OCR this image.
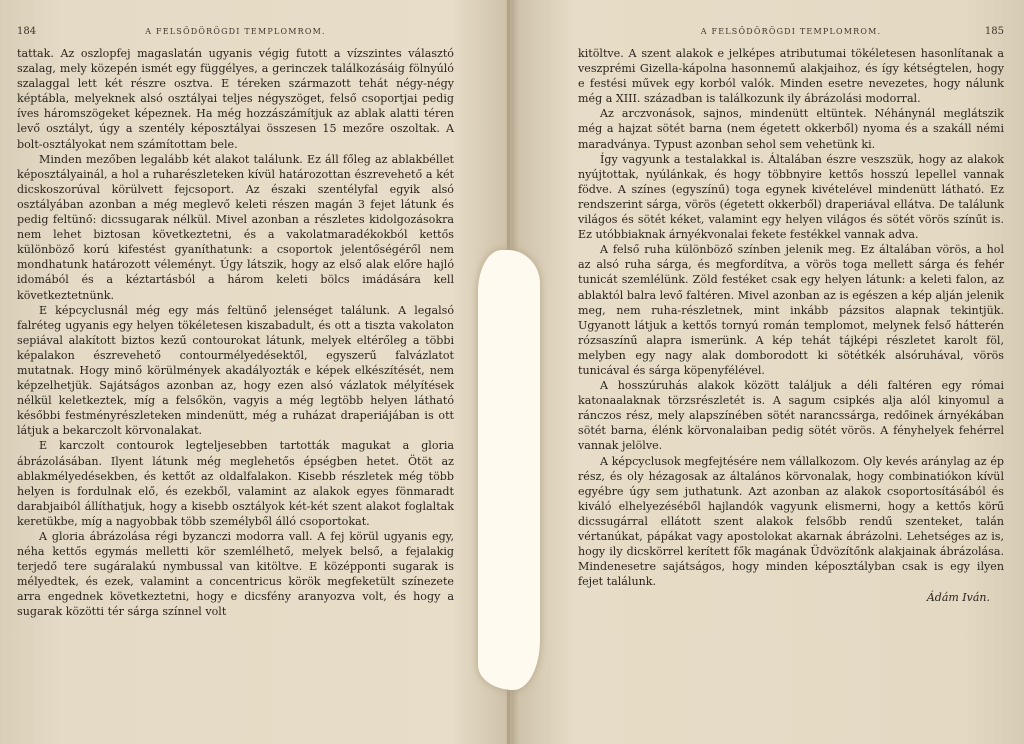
184	A FELSŐDÖRÖGDI TEMPLOMROM.

tattak. Az oszlopfej magaslatán ugyanis végig futott a vízszintes választó szalag, mely közepén ismét egy függélyes, a gerinczek találkozásáig fölnyúló szalaggal lett két részre osztva. E téreken származott tehát négy-négy képtábla, melyeknek alsó osztályai teljes négyszöget, felső csoportjai pedig íves háromszögeket képeznek. Ha még hozzászámítjuk az ablak alatti téren levő osztályt, úgy a szentély képosztályai összesen 15 mezőre oszoltak. A bolt-osztályokat nem számítottam bele.

Minden mezőben legalább két alakot találunk. Ez áll főleg az ablakbéllet képosztályainál, a hol a ruharészleteken kívül határozottan észrevehető a két dicskoszorúval körülvett fejcsoport. Az északi szentélyfal egyik alsó osztályában azonban a még meglevő keleti részen magán 3 fejet látunk és pedig feltünő: dicssugarak nélkül. Mivel azonban a részletes kidolgozásokra nem lehet biztosan következtetni, és a vakolatmaradékokból kettős különböző korú kifestést gyaníthatunk: a csoportok jelentőségéről nem mondhatunk határozott véleményt. Úgy látszik, hogy az első alak előre hajló idomából és a kéztartásból a három keleti bölcs imádására kell következtetnünk.

E képcyclusnál még egy más feltünő jelenséget találunk. A legalsó falréteg ugyanis egy helyen tökéletesen kiszabadult, és ott a tiszta vakolaton sepiával alakított biztos kezű contourokat látunk, melyek eltérőleg a többi képalakon észrevehető contourmélyedésektől, egyszerű falvázlatot mutatnak. Hogy minő körülmények akadályozták e képek elkészítését, nem képzelhetjük. Sajátságos azonban az, hogy ezen alsó vázlatok mélyítések nélkül keletkeztek, míg a felsőkön, vagyis a még legtöbb helyen látható későbbi festményrészleteken mindenütt, még a ruházat draperiájában is ott látjuk a bekarczolt körvonalakat.

E karczolt contourok legteljesebben tartották magukat a gloria ábrázolásában. Ilyent látunk még meglehetős épségben hetet. Ötöt az ablakmélyedésekben, és kettőt az oldalfalakon. Kisebb részletek még több helyen is fordulnak elő, és ezekből, valamint az alakok egyes fönmaradt darabjaiból állíthatjuk, hogy a kisebb osztályok két-két szent alakot foglaltak keretükbe, míg a nagyobbak több személyből álló csoportokat.

A gloria ábrázolása régi byzanczi modorra vall. A fej körül ugyanis egy, néha kettős egymás melletti kör szemlélhető, melyek belső, a fejalakig terjedő tere sugáralakú nymbussal van kitöltve. E középponti sugarak is mélyedtek, és ezek, valamint a concentricus körök megfeketült színezete arra engednek következtetni, hogy e dicsfény aranyozva volt, és hogy a sugarak közötti tér sárga színnel volt

185
A FELSŐDÖRÖGDI TEMPLOMROM.

kitöltve. A szent alakok e jelképes atributumai tökéletesen hasonlítanak a veszprémi Gizella-kápolna hasonnemű alakjaihoz, és így kétségtelen, hogy e festési művek egy korból valók. Minden esetre nevezetes, hogy nálunk még a XIII. században is találkozunk ily ábrázolási modorral.

Az arczvonások, sajnos, mindenütt eltüntek. Néhánynál meglátszik még a hajzat sötét barna (nem égetett okkerből) nyoma és a szakáll némi maradványa. Typust azonban sehol sem vehetünk ki.

Így vagyunk a testalakkal is. Általában észre veszszük, hogy az alakok nyújtottak, nyúlánkak, és hogy többnyire kettős hosszú lepellel vannak födve. A színes (egyszínű) toga egynek kivételével mindenütt látható. Ez rendszerint sárga, vörös (égetett okkerből) draperiával ellátva. De találunk világos és sötét kéket, valamint egy helyen világos és sötét vörös színűt is. Ez utóbbiaknak árnyékvonalai fekete festékkel vannak adva.

A felső ruha különböző színben jelenik meg. Ez általában vörös, a hol az alsó ruha sárga, és megfordítva, a vörös toga mellett sárga és fehér tunicát szemlélünk. Zöld festéket csak egy helyen látunk: a keleti falon, az ablaktól balra levő faltéren. Mivel azonban az is egészen a kép alján jelenik meg, nem ruha-részletnek, mint inkább pázsitos alapnak tekintjük. Ugyanott látjuk a kettős tornyú román templomot, melynek felső hátterén rózsaszínű alapra ismerünk. A kép tehát tájképi részletet karolt föl, melyben egy nagy alak domborodott ki sötétkék alsóruhával, vörös tunicával és sárga köpenyfélével.

A hosszúruhás alakok között találjuk a déli faltéren egy római katonaalaknak törzsrészletét is. A sagum csipkés alja alól kinyomul a ránczos rész, mely alapszínében sötét narancssárga, redőinek árnyékában sötét barna, élénk körvonalaiban pedig sötét vörös. A fényhelyek fehérrel vannak jelölve.

A képcyclusok megfejtésére nem vállalkozom. Oly kevés aránylag az ép rész, és oly hézagosak az általános körvonalak, hogy combinatiókon kívül egyébre úgy sem juthatunk. Azt azonban az alakok csoportosításából és kiváló elhelyezéséből hajlandók vagyunk elismerni, hogy a kettős körű dicssugárral ellátott szent alakok felsőbb rendű szenteket, talán vértanúkat, pápákat vagy apostolokat akarnak ábrázolni. Lehetséges az is, hogy ily dicskörrel kerített fők magának Üdvözítőnk alakjainak ábrázolása. Mindenesetre sajátságos, hogy minden képosztályban csak is egy ilyen fejet találunk.

Ádám Iván.
